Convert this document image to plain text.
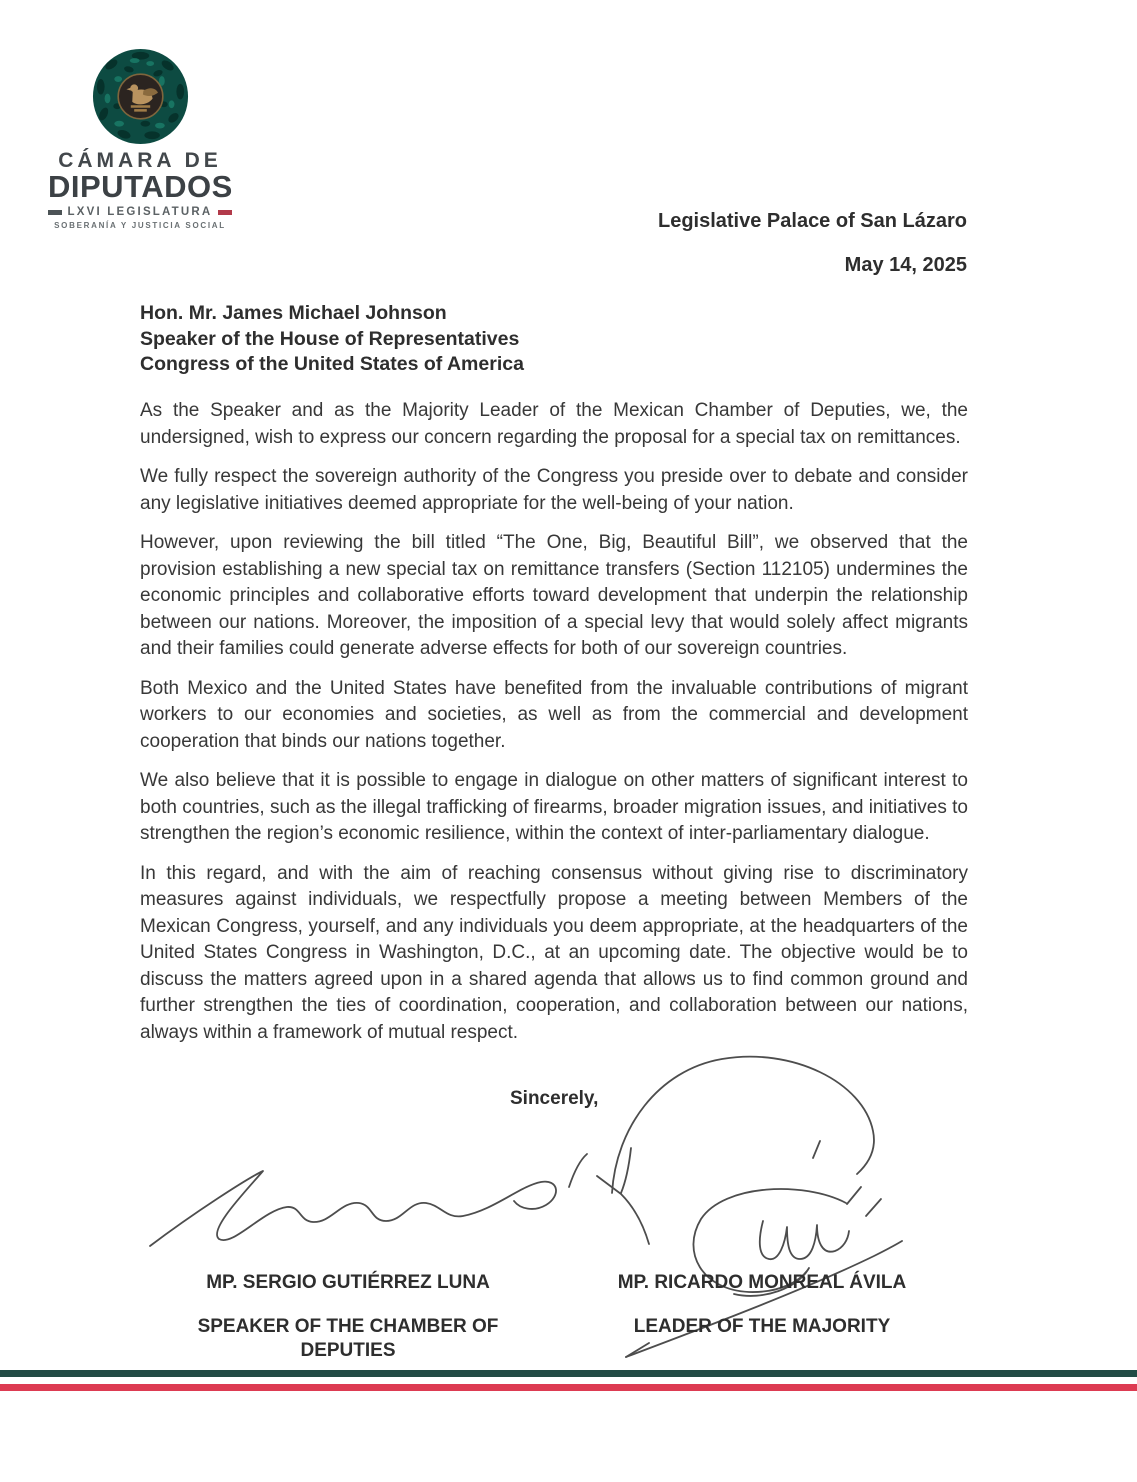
CÁMARA DE
DIPUTADOS
LXVI LEGISLATURA
SOBERANÍA Y JUSTICIA SOCIAL	Legislative Palace of San Lázaro
May 14, 2025
Hon. Mr. James Michael Johnson
Speaker of the House of Representatives
Congress of the United States of America

As the Speaker and as the Majority Leader of the Mexican Chamber of Deputies, we, the undersigned, wish to express our concern regarding the proposal for a special tax on remittances.

We fully respect the sovereign authority of the Congress you preside over to debate and consider any legislative initiatives deemed appropriate for the well-being of your nation.

However, upon reviewing the bill titled “The One, Big, Beautiful Bill”, we observed that the provision establishing a new special tax on remittance transfers (Section 112105) undermines the economic principles and collaborative efforts toward development that underpin the relationship between our nations. Moreover, the imposition of a special levy that would solely affect migrants and their families could generate adverse effects for both of our sovereign countries.

Both Mexico and the United States have benefited from the invaluable contributions of migrant workers to our economies and societies, as well as from the commercial and development cooperation that binds our nations together.

We also believe that it is possible to engage in dialogue on other matters of significant interest to both countries, such as the illegal trafficking of firearms, broader migration issues, and initiatives to strengthen the region’s economic resilience, within the context of inter-parliamentary dialogue.

In this regard, and with the aim of reaching consensus without giving rise to discriminatory measures against individuals, we respectfully propose a meeting between Members of the Mexican Congress, yourself, and any individuals you deem appropriate, at the headquarters of the United States Congress in Washington, D.C., at an upcoming date. The objective would be to discuss the matters agreed upon in a shared agenda that allows us to find common ground and further strengthen the ties of coordination, cooperation, and collaboration between our nations, always within a framework of mutual respect.

Sincerely,
MP. SERGIO GUTIÉRREZ LUNA
SPEAKER OF THE CHAMBER OF DEPUTIES
MP. RICARDO MONREAL ÁVILA
LEADER OF THE MAJORITY
